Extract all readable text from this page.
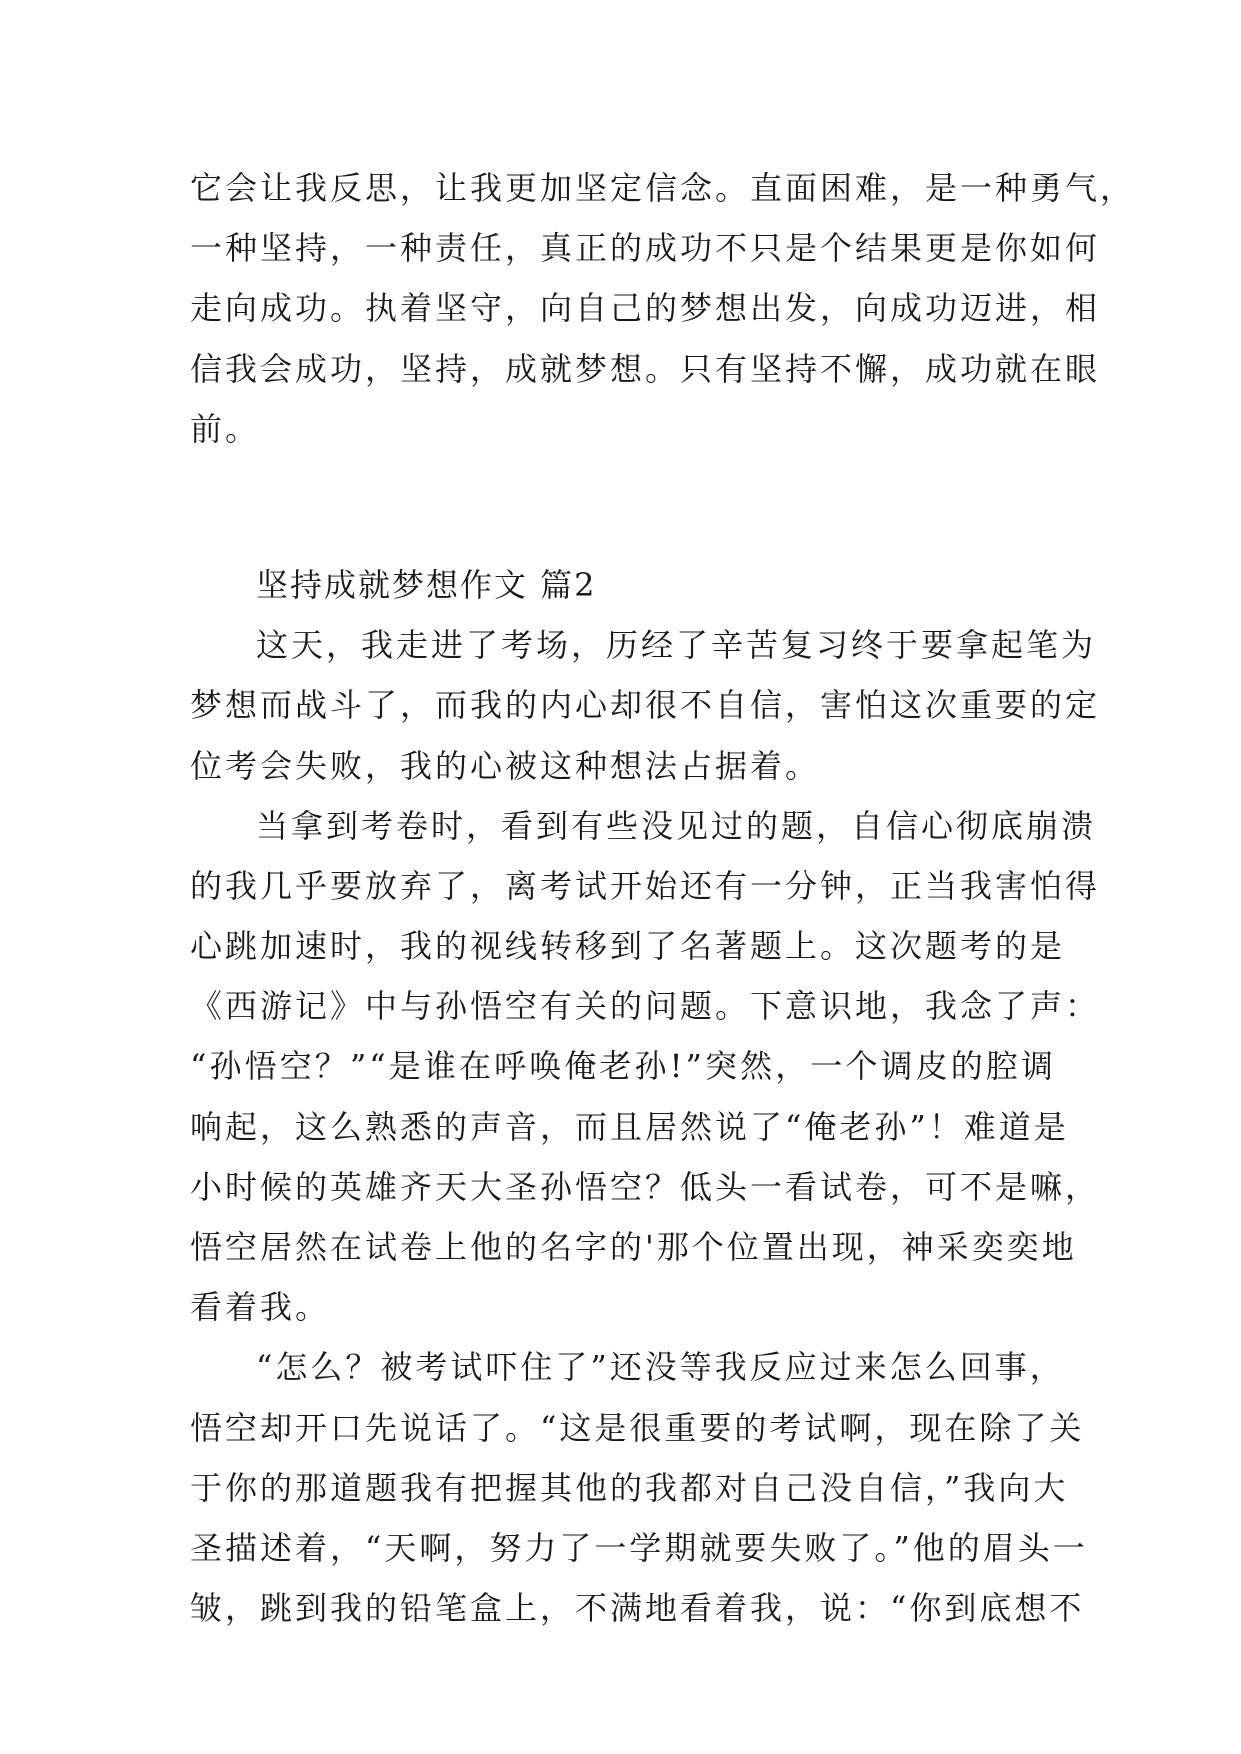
它会让我反思，让我更加坚定信念。直面困难，是一种勇气，
一种坚持，一种责任，真正的成功不只是个结果更是你如何
走向成功。执着坚守，向自己的梦想出发，向成功迈进，相
信我会成功，坚持，成就梦想。只有坚持不懈，成功就在眼
前。
坚持成就梦想作文 篇2
这天，我走进了考场，历经了辛苦复习终于要拿起笔为
梦想而战斗了，而我的内心却很不自信，害怕这次重要的定
位考会失败，我的心被这种想法占据着。
当拿到考卷时，看到有些没见过的题，自信心彻底崩溃
的我几乎要放弃了，离考试开始还有一分钟，正当我害怕得
心跳加速时，我的视线转移到了名著题上。这次题考的是
《西游记》中与孙悟空有关的问题。下意识地，我念了声：
“孙悟空？”“是谁在呼唤俺老孙!”突然，一个调皮的腔调
响起，这么熟悉的声音，而且居然说了“俺老孙”！难道是
小时候的英雄齐天大圣孙悟空？低头一看试卷，可不是嘛，
悟空居然在试卷上他的名字的'那个位置出现，神采奕奕地
看着我。
“怎么？被考试吓住了”还没等我反应过来怎么回事，
悟空却开口先说话了。“这是很重要的考试啊，现在除了关
于你的那道题我有把握其他的我都对自己没自信，”我向大
圣描述着，“天啊，努力了一学期就要失败了。”他的眉头一
皱，跳到我的铅笔盒上，不满地看着我，说：“你到底想不
